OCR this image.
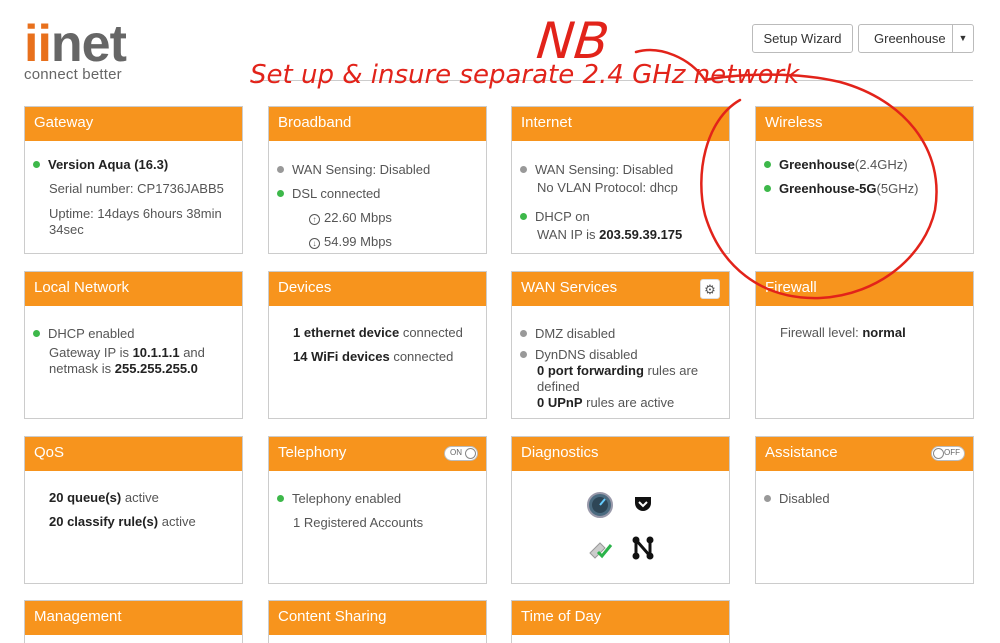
iinet
connect better
Setup Wizard	Greenhouse	▼
NB
Set up & insure separate 2.4 GHz network
Gateway
Version Aqua (16.3)
Serial number: CP1736JABB5
Uptime: 14days 6hours 38min
34sec
Broadband
WAN Sensing: Disabled
DSL connected
↑ 22.60 Mbps
↓ 54.99 Mbps
Internet
WAN Sensing: Disabled
No VLAN Protocol: dhcp
DHCP on
WAN IP is 203.59.39.175
Wireless
Greenhouse(2.4GHz)
Greenhouse-5G(5GHz)
Local Network
DHCP enabled
Gateway IP is 10.1.1.1 and
netmask is 255.255.255.0
Devices
1 ethernet device connected
14 WiFi devices connected
WAN Services	⚙
DMZ disabled
DynDNS disabled
0 port forwarding rules are
defined
0 UPnP rules are active
Firewall
Firewall level: normal
QoS
20 queue(s) active
20 classify rule(s) active
Telephony	ON
Telephony enabled
1 Registered Accounts
Diagnostics	Assistance	OFF
Disabled
Management	Content Sharing	Time of Day
